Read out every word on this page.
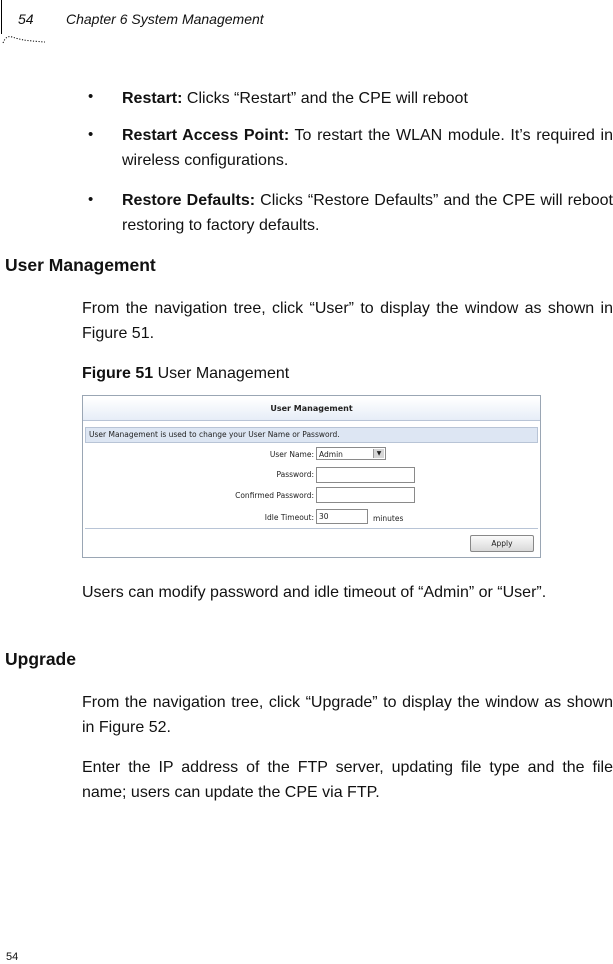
54 Chapter 6 System Management
• Restart: Clicks “Restart” and the CPE will reboot
• Restart Access Point: To restart the WLAN module. It’s required in wireless configurations.
• Restore Defaults: Clicks “Restore Defaults” and the CPE will reboot restoring to factory defaults.
User Management
From the navigation tree, click “User” to display the window as shown in Figure 51.
Figure 51 User Management
User Management
User Management is used to change your User Name or Password.
User Name: Admin	▼
Password:
Confirmed Password:
Idle Timeout: 30	minutes
Apply
Users can modify password and idle timeout of “Admin” or “User”.
Upgrade
From the navigation tree, click “Upgrade” to display the window as shown in Figure 52.
Enter the IP address of the FTP server, updating file type and the file name; users can update the CPE via FTP.
54
